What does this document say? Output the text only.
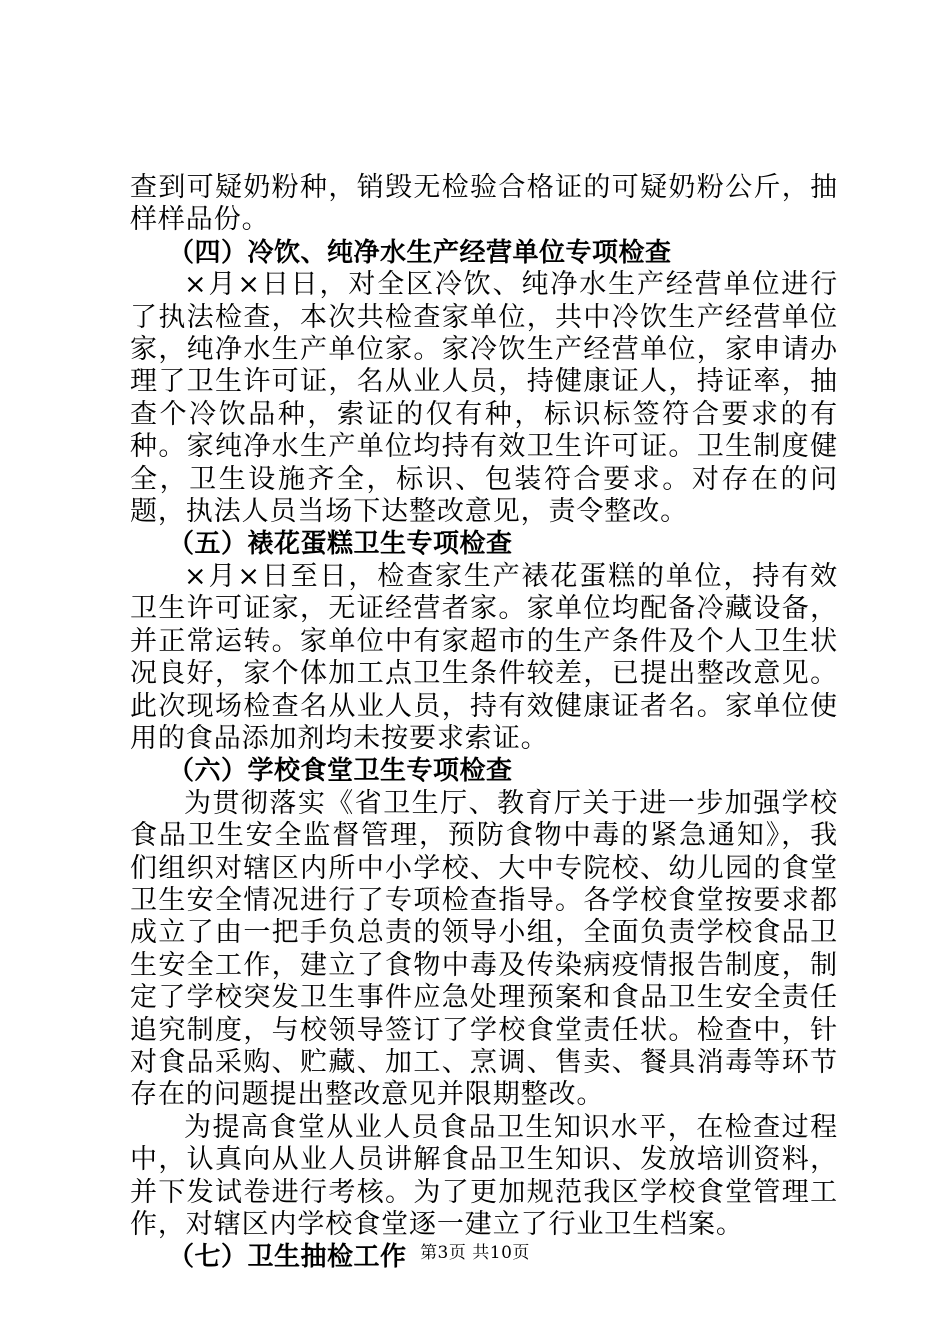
查到可疑奶粉种，销毁无检验合格证的可疑奶粉公斤，抽样样品份。

（四）冷饮、纯净水生产经营单位专项检查

×月×日日，对全区冷饮、纯净水生产经营单位进行了执法检查，本次共检查家单位，共中冷饮生产经营单位家，纯净水生产单位家。家冷饮生产经营单位，家申请办理了卫生许可证，名从业人员，持健康证人，持证率，抽查个冷饮品种，索证的仅有种，标识标签符合要求的有种。家纯净水生产单位均持有效卫生许可证。卫生制度健全，卫生设施齐全，标识、包装符合要求。对存在的问题，执法人员当场下达整改意见，责令整改。

（五）裱花蛋糕卫生专项检查

×月×日至日，检查家生产裱花蛋糕的单位，持有效卫生许可证家，无证经营者家。家单位均配备冷藏设备，并正常运转。家单位中有家超市的生产条件及个人卫生状况良好，家个体加工点卫生条件较差，已提出整改意见。此次现场检查名从业人员，持有效健康证者名。家单位使用的食品添加剂均未按要求索证。

（六）学校食堂卫生专项检查

为贯彻落实《省卫生厅、教育厅关于进一步加强学校食品卫生安全监督管理，预防食物中毒的紧急通知》，我们组织对辖区内所中小学校、大中专院校、幼儿园的食堂卫生安全情况进行了专项检查指导。各学校食堂按要求都成立了由一把手负总责的领导小组，全面负责学校食品卫生安全工作，建立了食物中毒及传染病疫情报告制度，制定了学校突发卫生事件应急处理预案和食品卫生安全责任追究制度，与校领导签订了学校食堂责任状。检查中，针对食品采购、贮藏、加工、烹调、售卖、餐具消毒等环节存在的问题提出整改意见并限期整改。

为提高食堂从业人员食品卫生知识水平，在检查过程中，认真向从业人员讲解食品卫生知识、发放培训资料，并下发试卷进行考核。为了更加规范我区学校食堂管理工作，对辖区内学校食堂逐一建立了行业卫生档案。

（七）卫生抽检工作 第3页 共10页
